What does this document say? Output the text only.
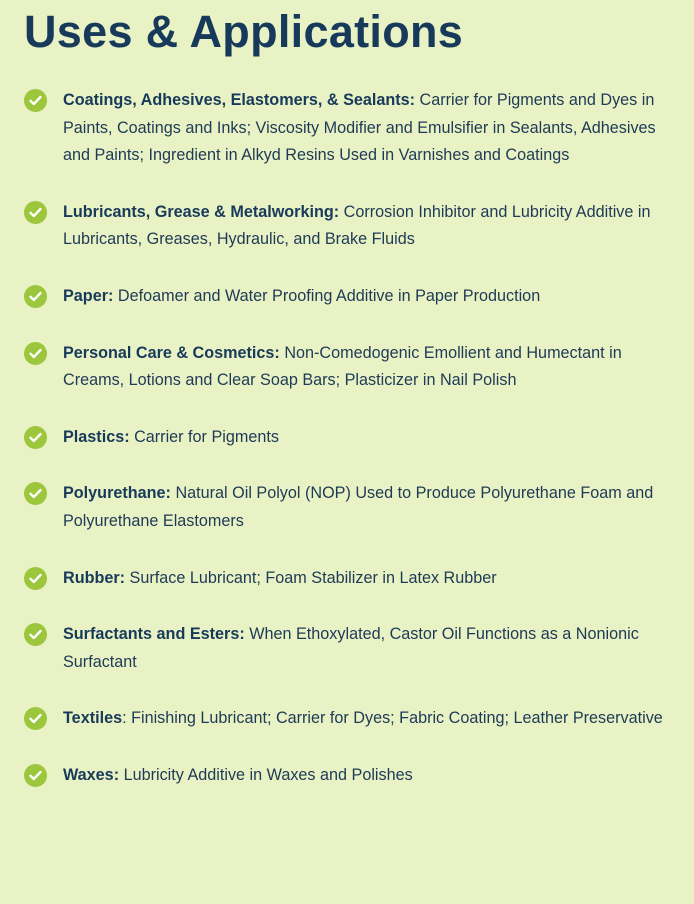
Uses & Applications
Coatings, Adhesives, Elastomers, & Sealants: Carrier for Pigments and Dyes in Paints, Coatings and Inks; Viscosity Modifier and Emulsifier in Sealants, Adhesives and Paints; Ingredient in Alkyd Resins Used in Varnishes and Coatings
Lubricants, Grease & Metalworking: Corrosion Inhibitor and Lubricity Additive in Lubricants, Greases, Hydraulic, and Brake Fluids
Paper: Defoamer and Water Proofing Additive in Paper Production
Personal Care & Cosmetics: Non-Comedogenic Emollient and Humectant in Creams, Lotions and Clear Soap Bars; Plasticizer in Nail Polish
Plastics: Carrier for Pigments
Polyurethane: Natural Oil Polyol (NOP) Used to Produce Polyurethane Foam and Polyurethane Elastomers
Rubber: Surface Lubricant; Foam Stabilizer in Latex Rubber
Surfactants and Esters: When Ethoxylated, Castor Oil Functions as a Nonionic Surfactant
Textiles: Finishing Lubricant; Carrier for Dyes; Fabric Coating; Leather Preservative
Waxes: Lubricity Additive in Waxes and Polishes
